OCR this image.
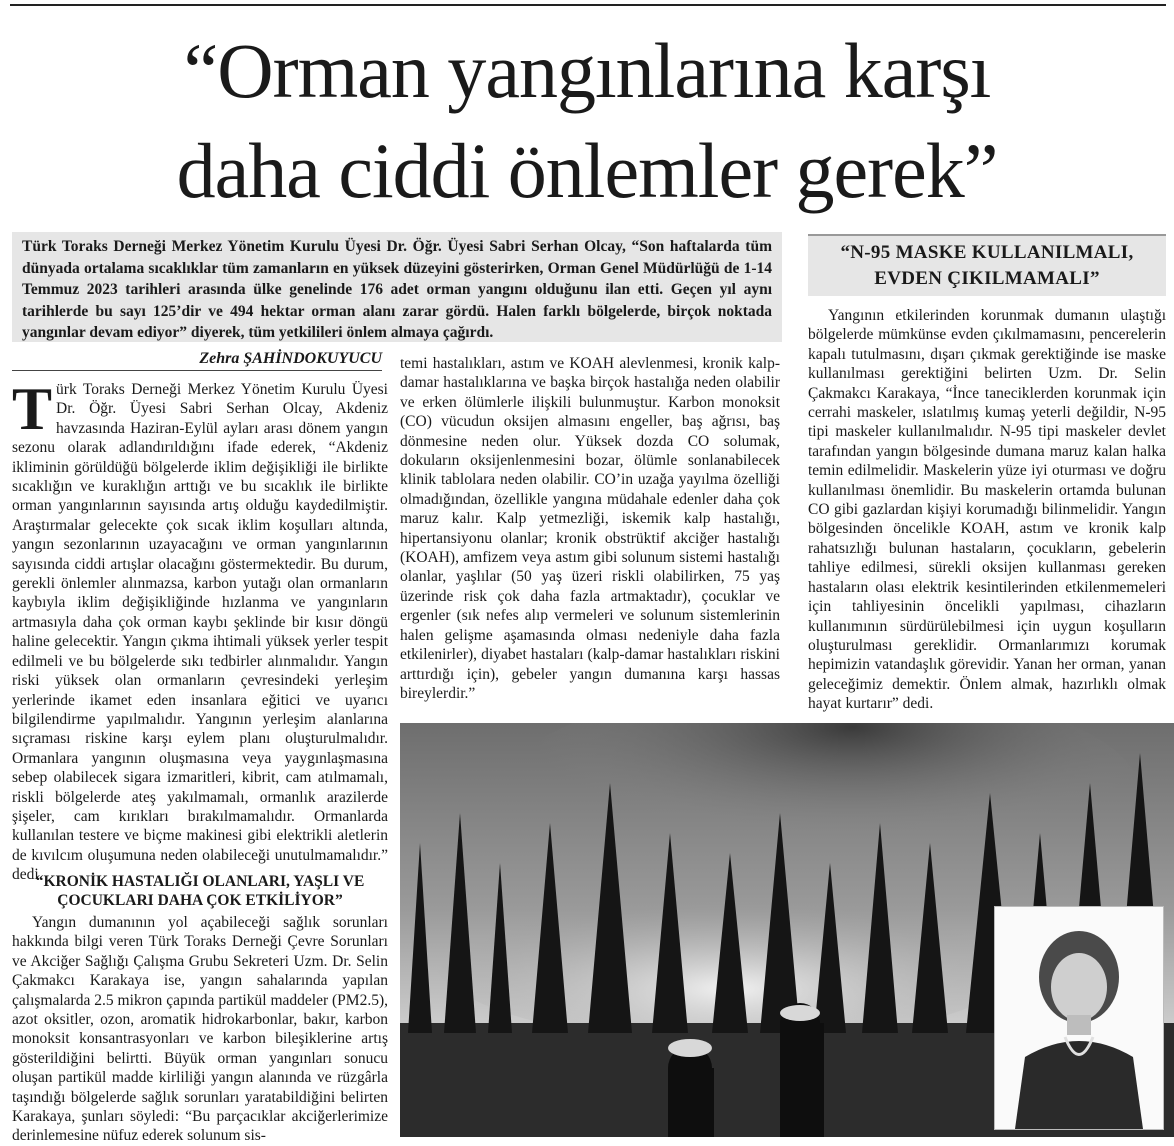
“Orman yangınlarına karşı
daha ciddi önlemler gerek”
Türk Toraks Derneği Merkez Yönetim Kurulu Üyesi Dr. Öğr. Üyesi Sabri Serhan Olcay, “Son haftalarda tüm dünyada ortalama sıcaklıklar tüm zamanların en yüksek düzeyini gösterirken, Orman Genel Müdürlüğü de 1-14 Temmuz 2023 tarihleri arasında ülke genelinde 176 adet orman yangını olduğunu ilan etti. Geçen yıl aynı tarihlerde bu sayı 125’dir ve 494 hektar orman alanı zarar gördü. Halen farklı bölgelerde, birçok noktada yangınlar devam ediyor” diyerek, tüm yetkilileri önlem almaya çağırdı.
“N-95 MASKE KULLANILMALI, EVDEN ÇIKILMAMALI”
Zehra ŞAHİNDOKUYUCU

Türk Toraks Derneği Merkez Yönetim Kurulu Üyesi Dr. Öğr. Üyesi Sabri Serhan Olcay, Akdeniz havzasında Haziran-Eylül ayları arası dönem yangın sezonu olarak adlandırıldığını ifade ederek, “Akdeniz ikliminin görüldüğü bölgelerde iklim değişikliği ile birlikte sıcaklığın ve kuraklığın arttığı ve bu sıcaklık ile birlikte orman yangınlarının sayısında artış olduğu kaydedilmiştir. Araştırmalar gelecekte çok sıcak iklim koşulları altında, yangın sezonlarının uzayacağını ve orman yangınlarının sayısında ciddi artışlar olacağını göstermektedir. Bu durum, gerekli önlemler alınmazsa, karbon yutağı olan ormanların kaybıyla iklim değişikliğinde hızlanma ve yangınların artmasıyla daha çok orman kaybı şeklinde bir kısır döngü haline gelecektir. Yangın çıkma ihtimali yüksek yerler tespit edilmeli ve bu bölgelerde sıkı tedbirler alınmalıdır. Yangın riski yüksek olan ormanların çevresindeki yerleşim yerlerinde ikamet eden insanlara eğitici ve uyarıcı bilgilendirme yapılmalıdır. Yangının yerleşim alanlarına sıçraması riskine karşı eylem planı oluşturulmalıdır. Ormanlara yangının oluşmasına veya yaygınlaşmasına sebep olabilecek sigara izmaritleri, kibrit, cam atılmamalı, riskli bölgelerde ateş yakılmamalı, ormanlık arazilerde şişeler, cam kırıkları bırakılmamalıdır. Ormanlarda kullanılan testere ve biçme makinesi gibi elektrikli aletlerin de kıvılcım oluşumuna neden olabileceği unutulmamalıdır.” dedi.

“KRONİK HASTALIĞI OLANLARI, YAŞLI VE ÇOCUKLARI DAHA ÇOK ETKİLİYOR”

Yangın dumanının yol açabileceği sağlık sorunları hakkında bilgi veren Türk Toraks Derneği Çevre Sorunları ve Akciğer Sağlığı Çalışma Grubu Sekreteri Uzm. Dr. Selin Çakmakcı Karakaya ise, yangın sahalarında yapılan çalışmalarda 2.5 mikron çapında partikül maddeler (PM2.5), azot oksitler, ozon, aromatik hidrokarbonlar, bakır, karbon monoksit konsantrasyonları ve karbon bileşiklerine artış gösterildiğini belirtti. Büyük orman yangınları sonucu oluşan partikül madde kirliliği yangın alanında ve rüzgârla taşındığı bölgelerde sağlık sorunları yaratabildiğini belirten Karakaya, şunları söyledi: “Bu parçacıklar akciğerlerimize derinlemesine nüfuz ederek solunum sis-

temi hastalıkları, astım ve KOAH alevlenmesi, kronik kalp-damar hastalıklarına ve başka birçok hastalığa neden olabilir ve erken ölümlerle ilişkili bulunmuştur. Karbon monoksit (CO) vücudun oksijen almasını engeller, baş ağrısı, baş dönmesine neden olur. Yüksek dozda CO solumak, dokuların oksijenlenmesini bozar, ölümle sonlanabilecek klinik tablolara neden olabilir. CO’in uzağa yayılma özelliği olmadığından, özellikle yangına müdahale edenler daha çok maruz kalır. Kalp yetmezliği, iskemik kalp hastalığı, hipertansiyonu olanlar; kronik obstrüktif akciğer hastalığı (KOAH), amfizem veya astım gibi solunum sistemi hastalığı olanlar, yaşlılar (50 yaş üzeri riskli olabilirken, 75 yaş üzerinde risk çok daha fazla artmaktadır), çocuklar ve ergenler (sık nefes alıp vermeleri ve solunum sistemlerinin halen gelişme aşamasında olması nedeniyle daha fazla etkilenirler), diyabet hastaları (kalp-damar hastalıkları riskini arttırdığı için), gebeler yangın dumanına karşı hassas bireylerdir.”

Yangının etkilerinden korunmak dumanın ulaştığı bölgelerde mümkünse evden çıkılmamasını, pencerelerin kapalı tutulmasını, dışarı çıkmak gerektiğinde ise maske kullanılması gerektiğini belirten Uzm. Dr. Selin Çakmakcı Karakaya, “İnce taneciklerden korunmak için cerrahi maskeler, ıslatılmış kumaş yeterli değildir, N-95 tipi maskeler kullanılmalıdır. N-95 tipi maskeler devlet tarafından yangın bölgesinde dumana maruz kalan halka temin edilmelidir. Maskelerin yüze iyi oturması ve doğru kullanılması önemlidir. Bu maskelerin ortamda bulunan CO gibi gazlardan kişiyi korumadığı bilinmelidir. Yangın bölgesinden öncelikle KOAH, astım ve kronik kalp rahatsızlığı bulunan hastaların, çocukların, gebelerin tahliye edilmesi, sürekli oksijen kullanması gereken hastaların olası elektrik kesintilerinden etkilenmemeleri için tahliyesinin öncelikli yapılması, cihazların kullanımının sürdürülebilmesi için uygun koşulların oluşturulması gereklidir. Ormanlarımızı korumak hepimizin vatandaşlık görevidir. Yanan her orman, yanan geleceğimiz demektir. Önlem almak, hazırlıklı olmak hayat kurtarır” dedi.
